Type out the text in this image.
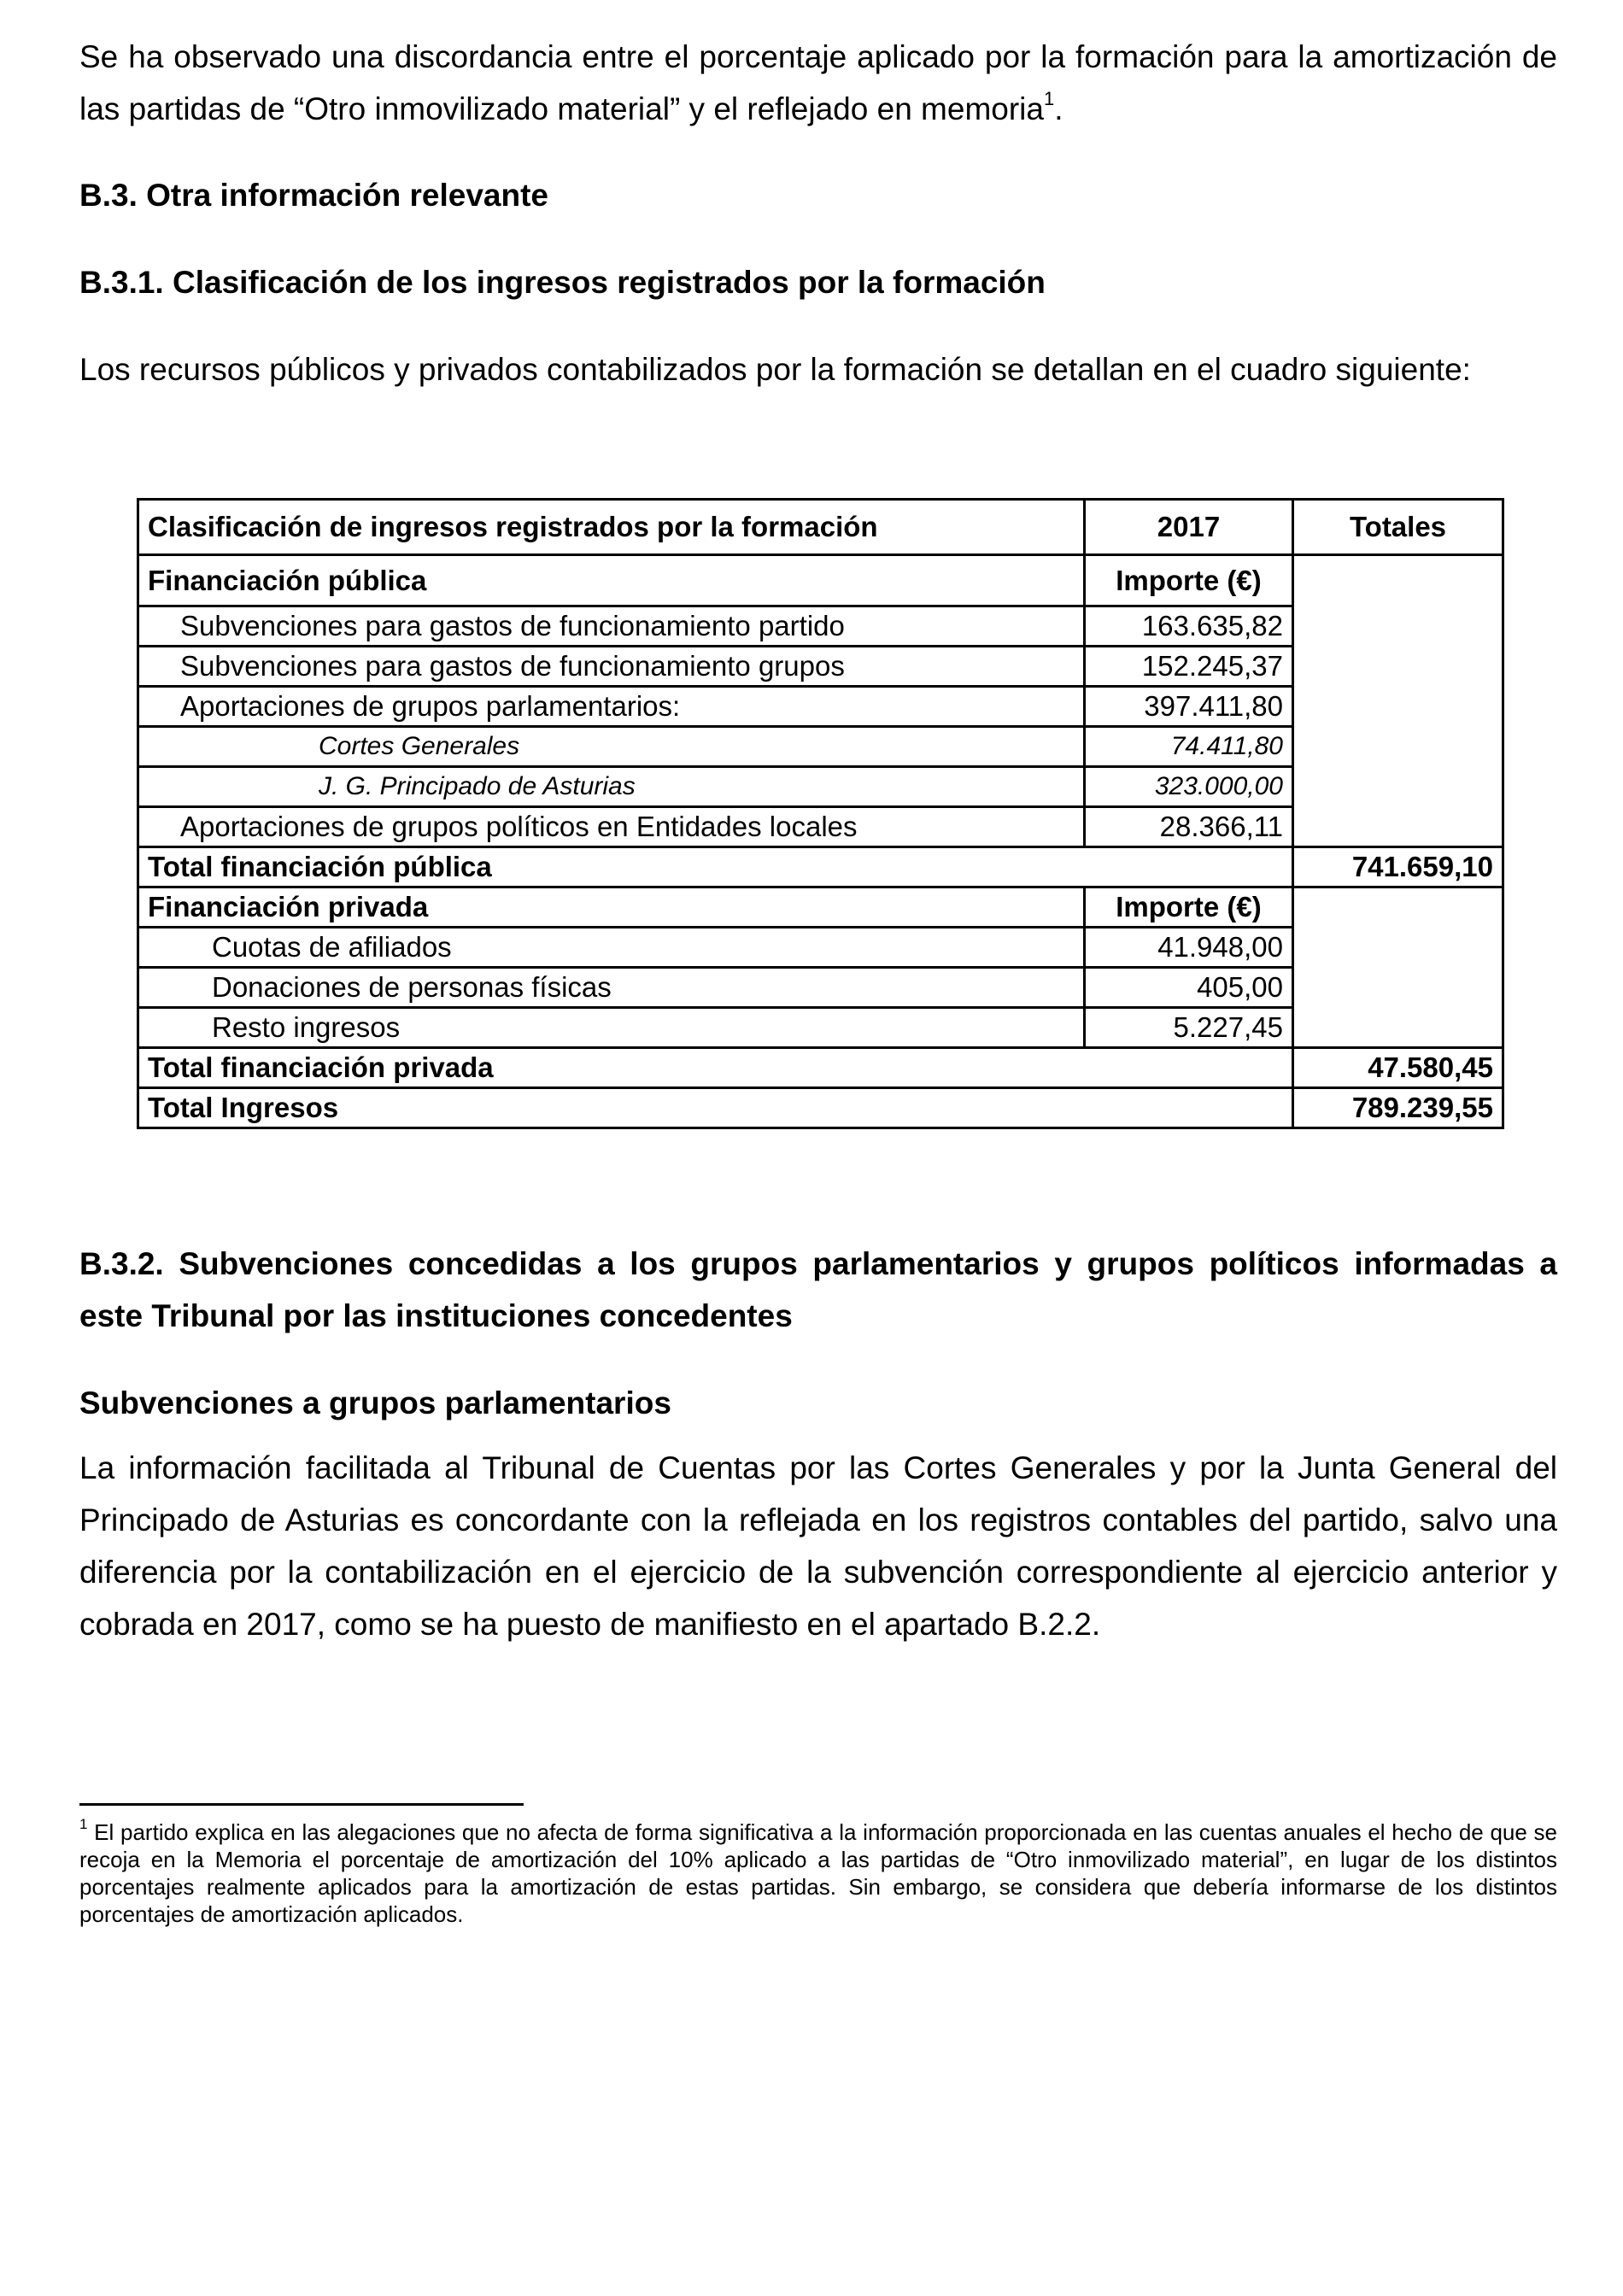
Se ha observado una discordancia entre el porcentaje aplicado por la formación para la amortización de las partidas de “Otro inmovilizado material” y el reflejado en memoria$^1$.

B.3. Otra información relevante
B.3.1. Clasificación de los ingresos registrados por la formación

Los recursos públicos y privados contabilizados por la formación se detallan en el cuadro siguiente:

Clasificación de ingresos registrados por la formación	2017	Totales
Financiación pública	Importe (€)	
Subvenciones para gastos de funcionamiento partido	163.635,82	
Subvenciones para gastos de funcionamiento grupos	152.245,37	
Aportaciones de grupos parlamentarios:	397.411,80	
Cortes Generales	74.411,80	
J. G. Principado de Asturias	323.000,00	
Aportaciones de grupos políticos en Entidades locales	28.366,11	
Total financiación pública		741.659,10
Financiación privada	Importe (€)	
Cuotas de afiliados	41.948,00	
Donaciones de personas físicas	405,00	
Resto ingresos	5.227,45	
Total financiación privada		47.580,45
Total Ingresos		789.239,55
B.3.2. Subvenciones concedidas a los grupos parlamentarios y grupos políticos informadas a este Tribunal por las instituciones concedentes
Subvenciones a grupos parlamentarios

La información facilitada al Tribunal de Cuentas por las Cortes Generales y por la Junta General del Principado de Asturias es concordante con la reflejada en los registros contables del partido, salvo una diferencia por la contabilización en el ejercicio de la subvención correspondiente al ejercicio anterior y cobrada en 2017, como se ha puesto de manifiesto en el apartado B.2.2.

$^1$ El partido explica en las alegaciones que no afecta de forma significativa a la información proporcionada en las cuentas anuales el hecho de que se recoja en la Memoria el porcentaje de amortización del 10% aplicado a las partidas de “Otro inmovilizado material”, en lugar de los distintos porcentajes realmente aplicados para la amortización de estas partidas. Sin embargo, se considera que debería informarse de los distintos porcentajes de amortización aplicados.
